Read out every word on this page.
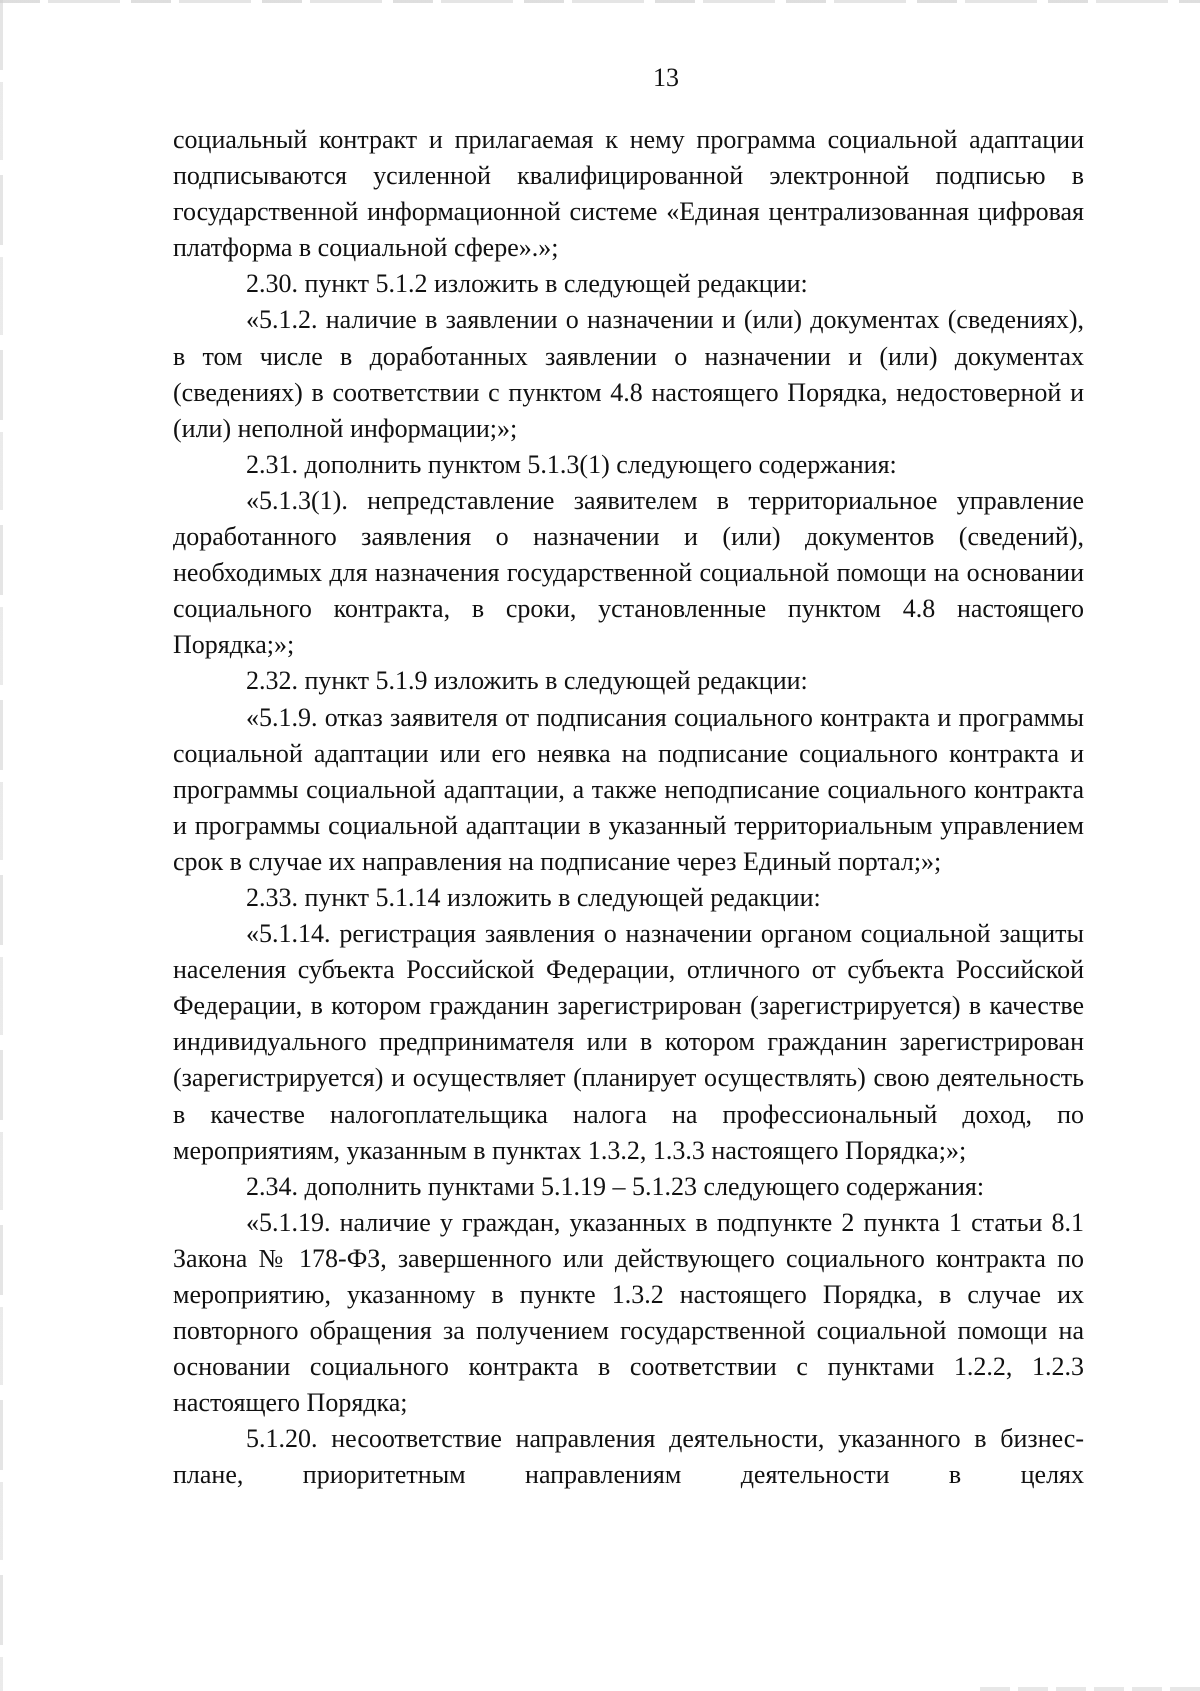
13

социальный контракт и прилагаемая к нему программа социальной адаптации подписываются усиленной квалифицированной электронной подписью в государственной информационной системе «Единая централизованная цифровая платформа в социальной сфере».»;

2.30. пункт 5.1.2 изложить в следующей редакции:

«5.1.2. наличие в заявлении о назначении и (или) документах (сведениях), в том числе в доработанных заявлении о назначении и (или) документах (сведениях) в соответствии с пунктом 4.8 настоящего Порядка, недостоверной и (или) неполной информации;»;

2.31. дополнить пунктом 5.1.3(1) следующего содержания:

«5.1.3(1). непредставление заявителем в территориальное управление доработанного заявления о назначении и (или) документов (сведений), необходимых для назначения государственной социальной помощи на основании социального контракта, в сроки, установленные пунктом 4.8 настоящего Порядка;»;

2.32. пункт 5.1.9 изложить в следующей редакции:

«5.1.9. отказ заявителя от подписания социального контракта и программы социальной адаптации или его неявка на подписание социального контракта и программы социальной адаптации, а также неподписание социального контракта и программы социальной адаптации в указанный территориальным управлением срок в случае их направления на подписание через Единый портал;»;

2.33. пункт 5.1.14 изложить в следующей редакции:

«5.1.14. регистрация заявления о назначении органом социальной защиты населения субъекта Российской Федерации, отличного от субъекта Российской Федерации, в котором гражданин зарегистрирован (зарегистрируется) в качестве индивидуального предпринимателя или в котором гражданин зарегистрирован (зарегистрируется) и осуществляет (планирует осуществлять) свою деятельность в качестве налогоплательщика налога на профессиональный доход, по мероприятиям, указанным в пунктах 1.3.2, 1.3.3 настоящего Порядка;»;

2.34. дополнить пунктами 5.1.19 – 5.1.23 следующего содержания:

«5.1.19. наличие у граждан, указанных в подпункте 2 пункта 1 статьи 8.1 Закона № 178-ФЗ, завершенного или действующего социального контракта по мероприятию, указанному в пункте 1.3.2 настоящего Порядка, в случае их повторного обращения за получением государственной социальной помощи на основании социального контракта в соответствии с пунктами 1.2.2, 1.2.3 настоящего Порядка;

5.1.20. несоответствие направления деятельности, указанного в бизнес-плане, приоритетным направлениям деятельности в целях
